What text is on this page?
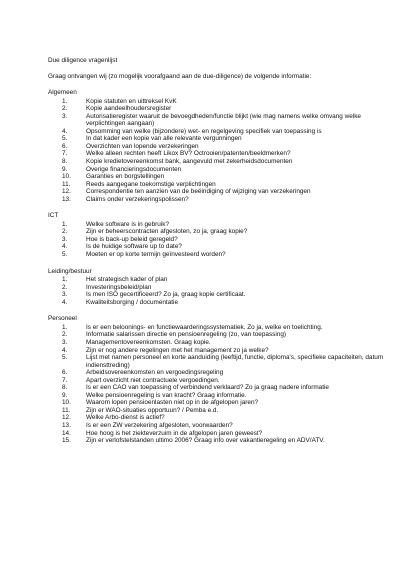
Due diligence vragenlijst

Graag ontvangen wij (zo mogelijk voorafgaand aan de due-diligence) de volgende informatie:

Algemeen

1.	Kopie statuten en uittreksel KvK
2.	Kopie aandeelhoudersregister
3.	Autorisatieregister waaruit de bevoegdheden/functie blijkt (wie mag namens welke omvang welke verplichtingen aangaan)
4.	Opsomming van welke (bijzondere) wet- en regelgeving specifiek van toepassing is
5.	In dat kader een kopie van alle relevante vergunningen
6.	Overzichten van lopende verzekeringen
7.	Welke alleen rechten heeft Likox BV? Octrooien/patenten/beeldmerken?
8.	Kopie kredietovereenkomst bank, aangevuld met zekerheidsdocumenten
9.	Overige financieringsdocumenten
10.	Garanties en borgstellingen
11.	Reeds aangegane toekomstige verplichtingen
12.	Correspondentie ten aanzien van de beëindiging of wijziging van verzekeringen
13.	Claims onder verzekeringspolissen?

ICT

1.	Welke software is in gebruik?
2.	Zijn er beheerscontracten afgesloten, zo ja, graag kopie?
3.	Hoe is back-up beleid geregeld?
4.	Is de huidige software up to date?
5.	Moeten er op korte termijn geïnvesteerd worden?

Leiding/bestuur

1.	Het strategisch kader of plan
2.	Investeringsbeleid/plan
3.	Is men ISO gecertificeerd? Zo ja, graag kopie certificaat.
4.	Kwaliteitsborging / documentatie

Personeel

1.	Is er een beloonings- en functiewaarderingssystematiek. Zo ja, welke en toelichting.
2.	Informatie salarissen directie en pensioenregeling (zo, van toepassing)
3.	Managementovereenkomsten. Graag kopie.
4.	Zijn er nog andere regelingen met het management zo ja welke?
5.	Lijst met namen personeel en korte aanduiding (leeftijd, functie, diploma's, specifieke capaciteiten, datum indiensttreding)
6.	Arbeidsovereenkomsten en vergoedingsregeling
7.	Apart overzicht niet contractuele vergoedingen.
8.	Is er een CAO van toepassing of verbindend verklaard? Zo ja graag nadere informatie
9.	Welke pensioenregeling is van kracht? Graag informatie.
10.	Waarom lopen pensioenlasten niet op in de afgelopen jaren?
11.	Zijn er WAO-situaties opportuun? / Pemba e.d.
12.	Welke Arbo-dienst is actief?
13.	Is er een ZW verzekering afgesloten, voorwaarden?
14.	Hoe hoog is het ziekteverzuim in de afgelopen jaren geweest?
15.	Zijn er verlofstelstanden ultimo 2006? Graag info over vakantieregeling en ADV/ATV.
